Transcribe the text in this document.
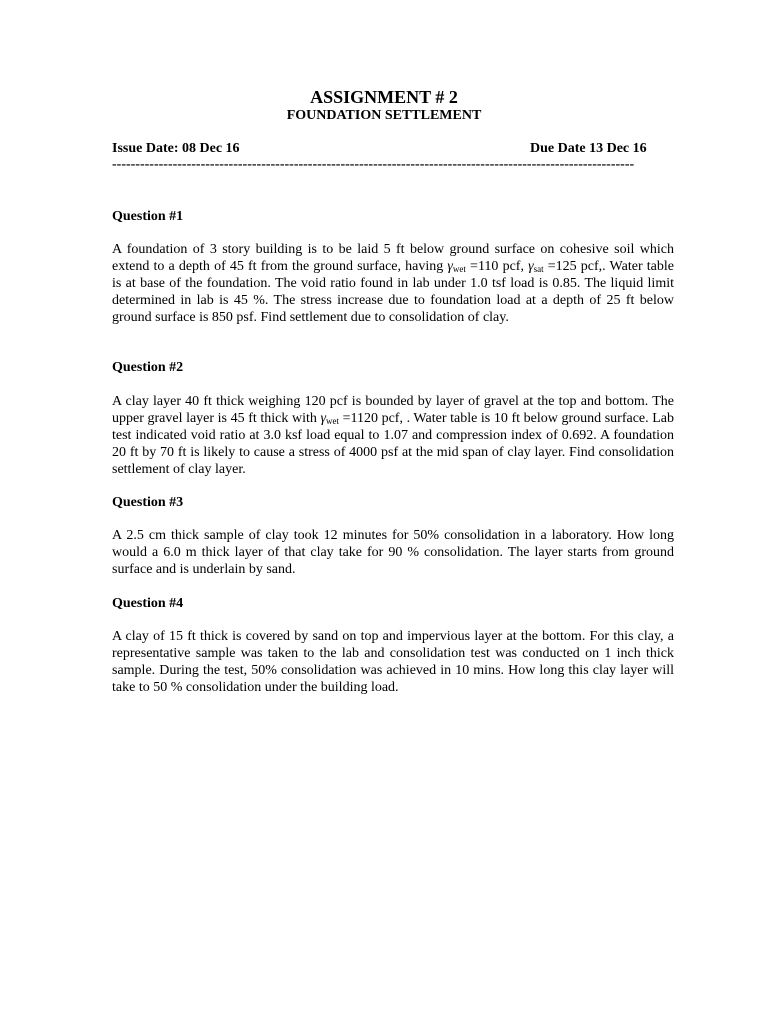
ASSIGNMENT # 2
FOUNDATION SETTLEMENT
Issue Date: 08 Dec 16	Due Date 13 Dec 16
----------------------------------------------------------------------------------------------------------------
Question #1
A foundation of 3 story building is to be laid 5 ft below ground surface on cohesive soil which extend to a depth of 45 ft from the ground surface, having $\gamma_{wet} =110$ pcf, $\gamma_{sat} =125$ pcf,. Water table is at base of the foundation. The void ratio found in lab under 1.0 tsf load is 0.85. The liquid limit determined in lab is 45 %. The stress increase due to foundation load at a depth of 25 ft below ground surface is 850 psf. Find settlement due to consolidation of clay.
Question #2
A clay layer 40 ft thick weighing 120 pcf is bounded by layer of gravel at the top and bottom. The upper gravel layer is 45 ft thick with $\gamma_{wet} =1120$ pcf, . Water table is 10 ft below ground surface. Lab test indicated void ratio at 3.0 ksf load equal to 1.07 and compression index of 0.692. A foundation 20 ft by 70 ft is likely to cause a stress of 4000 psf at the mid span of clay layer. Find consolidation settlement of clay layer.
Question #3
A 2.5 cm thick sample of clay took 12 minutes for 50% consolidation in a laboratory. How long would a 6.0 m thick layer of that clay take for 90 % consolidation. The layer starts from ground surface and is underlain by sand.
Question #4
A clay of 15 ft thick is covered by sand on top and impervious layer at the bottom. For this clay, a representative sample was taken to the lab and consolidation test was conducted on 1 inch thick sample. During the test, 50% consolidation was achieved in 10 mins. How long this clay layer will take to 50 % consolidation under the building load.
